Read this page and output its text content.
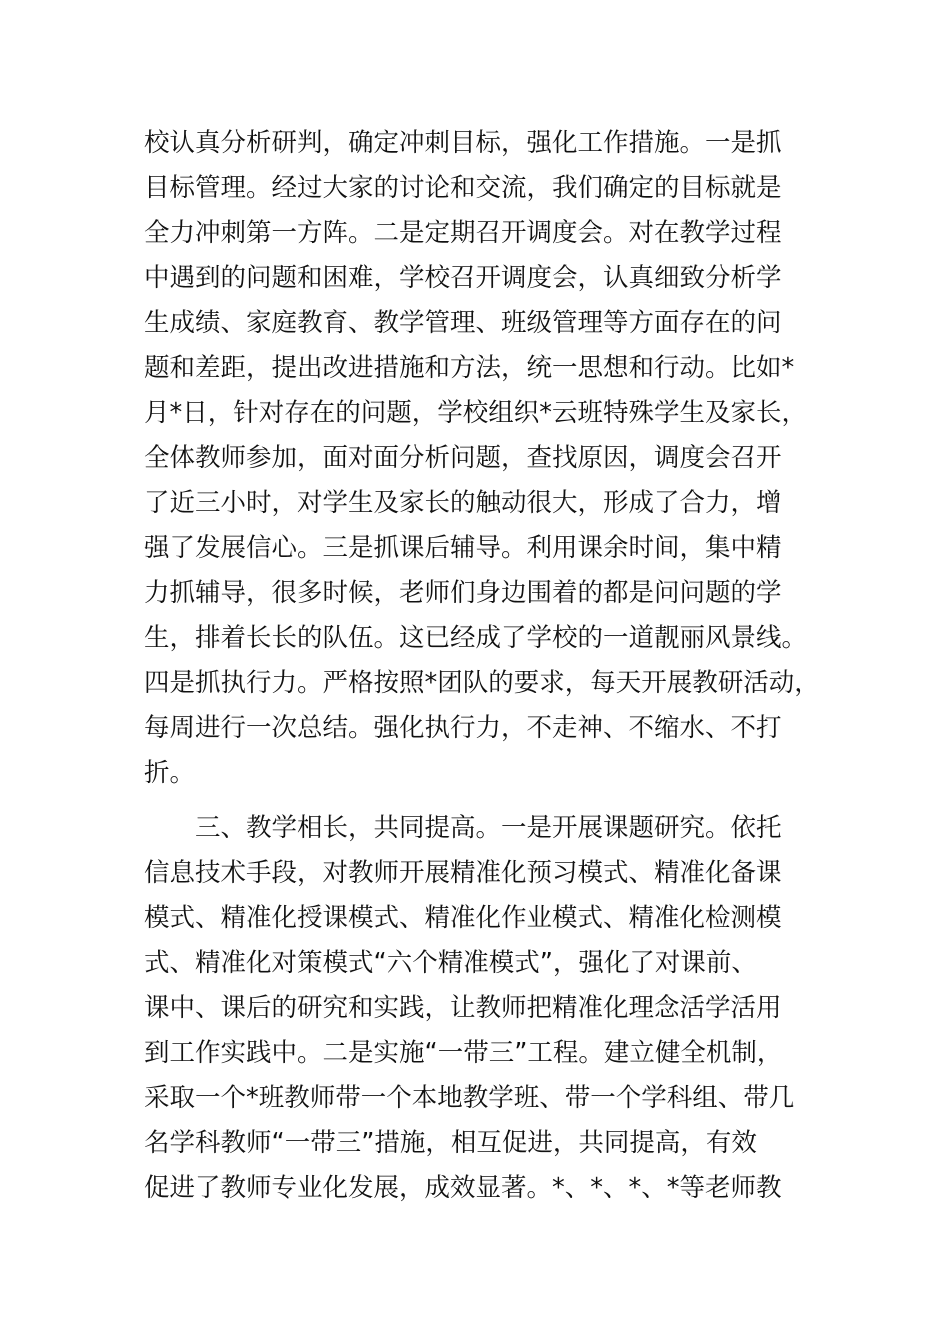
校认真分析研判，确定冲刺目标，强化工作措施。一是抓
目标管理。经过大家的讨论和交流，我们确定的目标就是
全力冲刺第一方阵。二是定期召开调度会。对在教学过程
中遇到的问题和困难，学校召开调度会，认真细致分析学
生成绩、家庭教育、教学管理、班级管理等方面存在的问
题和差距，提出改进措施和方法，统一思想和行动。比如*
月*日，针对存在的问题，学校组织*云班特殊学生及家长，
全体教师参加，面对面分析问题，查找原因，调度会召开
了近三小时，对学生及家长的触动很大，形成了合力，增
强了发展信心。三是抓课后辅导。利用课余时间，集中精
力抓辅导，很多时候，老师们身边围着的都是问问题的学
生，排着长长的队伍。这已经成了学校的一道靓丽风景线。
四是抓执行力。严格按照*团队的要求，每天开展教研活动，
每周进行一次总结。强化执行力，不走神、不缩水、不打
折。
三、教学相长，共同提高。一是开展课题研究。依托
信息技术手段，对教师开展精准化预习模式、精准化备课
模式、精准化授课模式、精准化作业模式、精准化检测模
式、精准化对策模式“六个精准模式”，强化了对课前、
课中、课后的研究和实践，让教师把精准化理念活学活用
到工作实践中。二是实施“一带三”工程。建立健全机制，
采取一个*班教师带一个本地教学班、带一个学科组、带几
名学科教师“一带三”措施，相互促进，共同提高，有效
促进了教师专业化发展，成效显著。*、*、*、*等老师教
